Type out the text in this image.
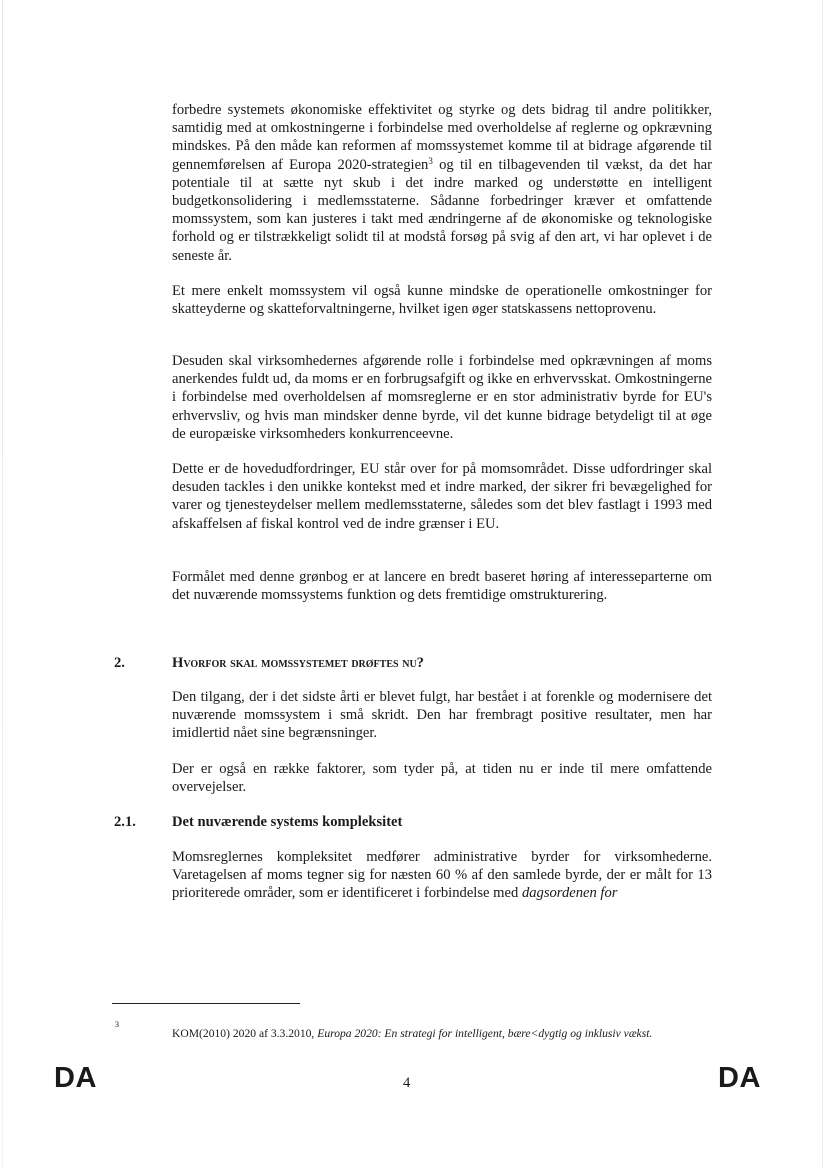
forbedre systemets økonomiske effektivitet og styrke og dets bidrag til andre politikker, samtidig med at omkostningerne i forbindelse med overholdelse af reglerne og opkrævning mindskes. På den måde kan reformen af momssystemet komme til at bidrage afgørende til gennemførelsen af Europa 2020-strategien$^3$ og til en tilbagevenden til vækst, da det har potentiale til at sætte nyt skub i det indre marked og understøtte en intelligent budgetkonsolidering i medlemsstaterne. Sådanne forbedringer kræver et omfattende momssystem, som kan justeres i takt med ændringerne af de økonomiske og teknologiske forhold og er tilstrækkeligt solidt til at modstå forsøg på svig af den art, vi har oplevet i de seneste år.

Et mere enkelt momssystem vil også kunne mindske de operationelle omkostninger for skatteyderne og skatteforvaltningerne, hvilket igen øger statskassens nettoprovenu.

Desuden skal virksomhedernes afgørende rolle i forbindelse med opkrævningen af moms anerkendes fuldt ud, da moms er en forbrugsafgift og ikke en erhvervsskat. Omkostningerne i forbindelse med overholdelsen af momsreglerne er en stor administrativ byrde for EU's erhvervsliv, og hvis man mindsker denne byrde, vil det kunne bidrage betydeligt til at øge de europæiske virksomheders konkurrenceevne.

Dette er de hovedudfordringer, EU står over for på momsområdet. Disse udfordringer skal desuden tackles i den unikke kontekst med et indre marked, der sikrer fri bevægelighed for varer og tjenesteydelser mellem medlemsstaterne, således som det blev fastlagt i 1993 med afskaffelsen af fiskal kontrol ved de indre grænser i EU.

Formålet med denne grønbog er at lancere en bredt baseret høring af interesseparterne om det nuværende momssystems funktion og dets fremtidige omstrukturering.

2.	Hvorfor skal momssystemet drøftes nu?

Den tilgang, der i det sidste årti er blevet fulgt, har bestået i at forenkle og modernisere det nuværende momssystem i små skridt. Den har frembragt positive resultater, men har imidlertid nået sine begrænsninger.

Der er også en række faktorer, som tyder på, at tiden nu er inde til mere omfattende overvejelser.

2.1. Det nuværende systems kompleksitet

Momsreglernes kompleksitet medfører administrative byrder for virksomhederne. Varetagelsen af moms tegner sig for næsten 60 % af den samlede byrde, der er målt for 13 prioriterede områder, som er identificeret i forbindelse med dagsordenen for

3
KOM(2010) 2020 af 3.3.2010, Europa 2020: En strategi for intelligent, bære<dygtig og inklusiv vækst.
DA	4	DA
